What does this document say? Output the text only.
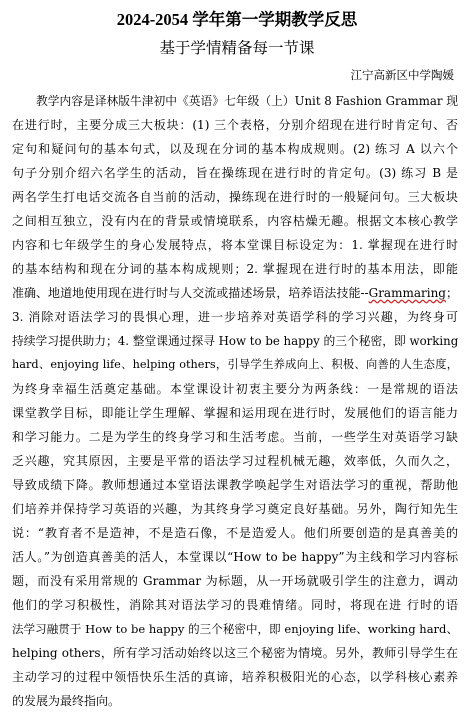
2024-2054 学年第一学期教学反思
基于学情精备每一节课
江宁高新区中学陶媛
教学内容是译林版牛津初中《英语》七年级（上）Unit 8 Fashion Grammar 现
在进行时，主要分成三大板块：(1) 三个表格，分别介绍现在进行时肯定句、否
定句和疑问句的基本句式，以及现在分词的基本构成规则。(2) 练习 A 以六个
句子分别介绍六名学生的活动，旨在操练现在进行时的肯定句。(3) 练习 B 是
两名学生打电话交流各自当前的活动，操练现在进行时的一般疑问句。三大板块
之间相互独立，没有内在的背景或情境联系，内容枯燥无趣。根据文本核心教学
内容和七年级学生的身心发展特点，将本堂课目标设定为：1. 掌握现在进行时
的基本结构和现在分词的基本构成规则；2. 掌握现在进行时的基本用法，即能
准确、地道地使用现在进行时与人交流或描述场景，培养语法技能--Grammaring；
3. 消除对语法学习的畏惧心理，进一步培养对英语学科的学习兴趣，为终身可
持续学习提供助力；4. 整堂课通过探寻 How to be happy 的三个秘密，即 working
hard、enjoying life、helping others，引导学生养成向上、积极、向善的人生态度，
为终身幸福生活奠定基础。本堂课设计初衷主要分为两条线：一是常规的语法
课堂教学目标，即能让学生理解、掌握和运用现在进行时，发展他们的语言能力
和学习能力。二是为学生的终身学习和生活考虑。当前，一些学生对英语学习缺
乏兴趣，究其原因，主要是平常的语法学习过程机械无趣，效率低，久而久之，
导致成绩下降。教师想通过本堂语法课教学唤起学生对语法学习的重视，帮助他
们培养并保持学习英语的兴趣，为其终身学习奠定良好基础。另外，陶行知先生
说：“教育者不是造神，不是造石像，不是造爱人。他们所要创造的是真善美的
活人。”为创造真善美的活人，本堂课以“How to be happy”为主线和学习内容标
题，而没有采用常规的 Grammar 为标题，从一开场就吸引学生的注意力，调动
他们的学习积极性，消除其对语法学习的畏难情绪。同时，将现在进 行时的语
法学习融贯于 How to be happy 的三个秘密中，即 enjoying life、working hard、
helping others，所有学习活动始终以这三个秘密为情境。另外，教师引导学生在
主动学习的过程中领悟快乐生活的真谛，培养积极阳光的心态，以学科核心素养
的发展为最终指向。
